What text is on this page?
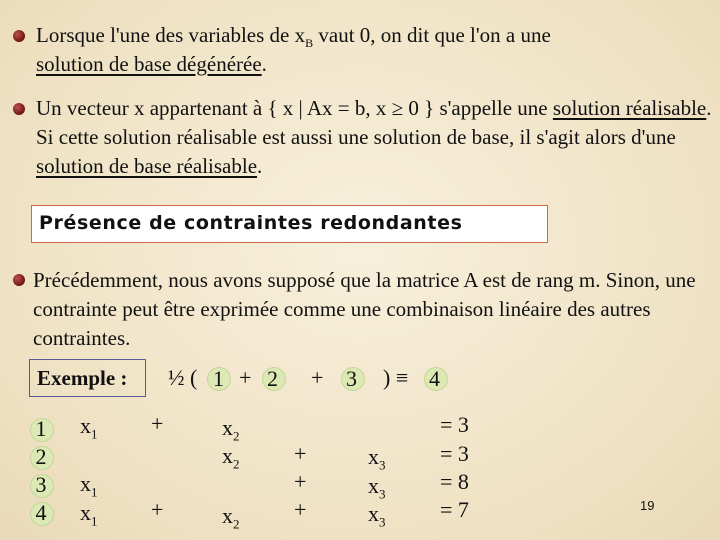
Lorsque l'une des variables de $x_B$ vaut 0, on dit que l'on a une
solution de base dégénérée.
Un vecteur x appartenant à { x | Ax = b, x ≥ 0 } s'appelle une solution réalisable. Si cette solution réalisable est aussi une solution de base, il s'agit alors d'une solution de base réalisable.
Présence de contraintes redondantes
Précédemment, nous avons supposé que la matrice A est de rang m. Sinon, une contrainte peut être exprimée comme une combinaison linéaire des autres contraintes.
Exemple : ½ ( 1 + 2 + 3 ) ≡ 4
1
2
3
4
$x_1$
$x_1$
$x_1$
+
+
$x_2$
$x_2$
$x_2$
+
+
+
$x_3$
$x_3$
$x_3$
= 3
= 3
= 8
= 7	19
